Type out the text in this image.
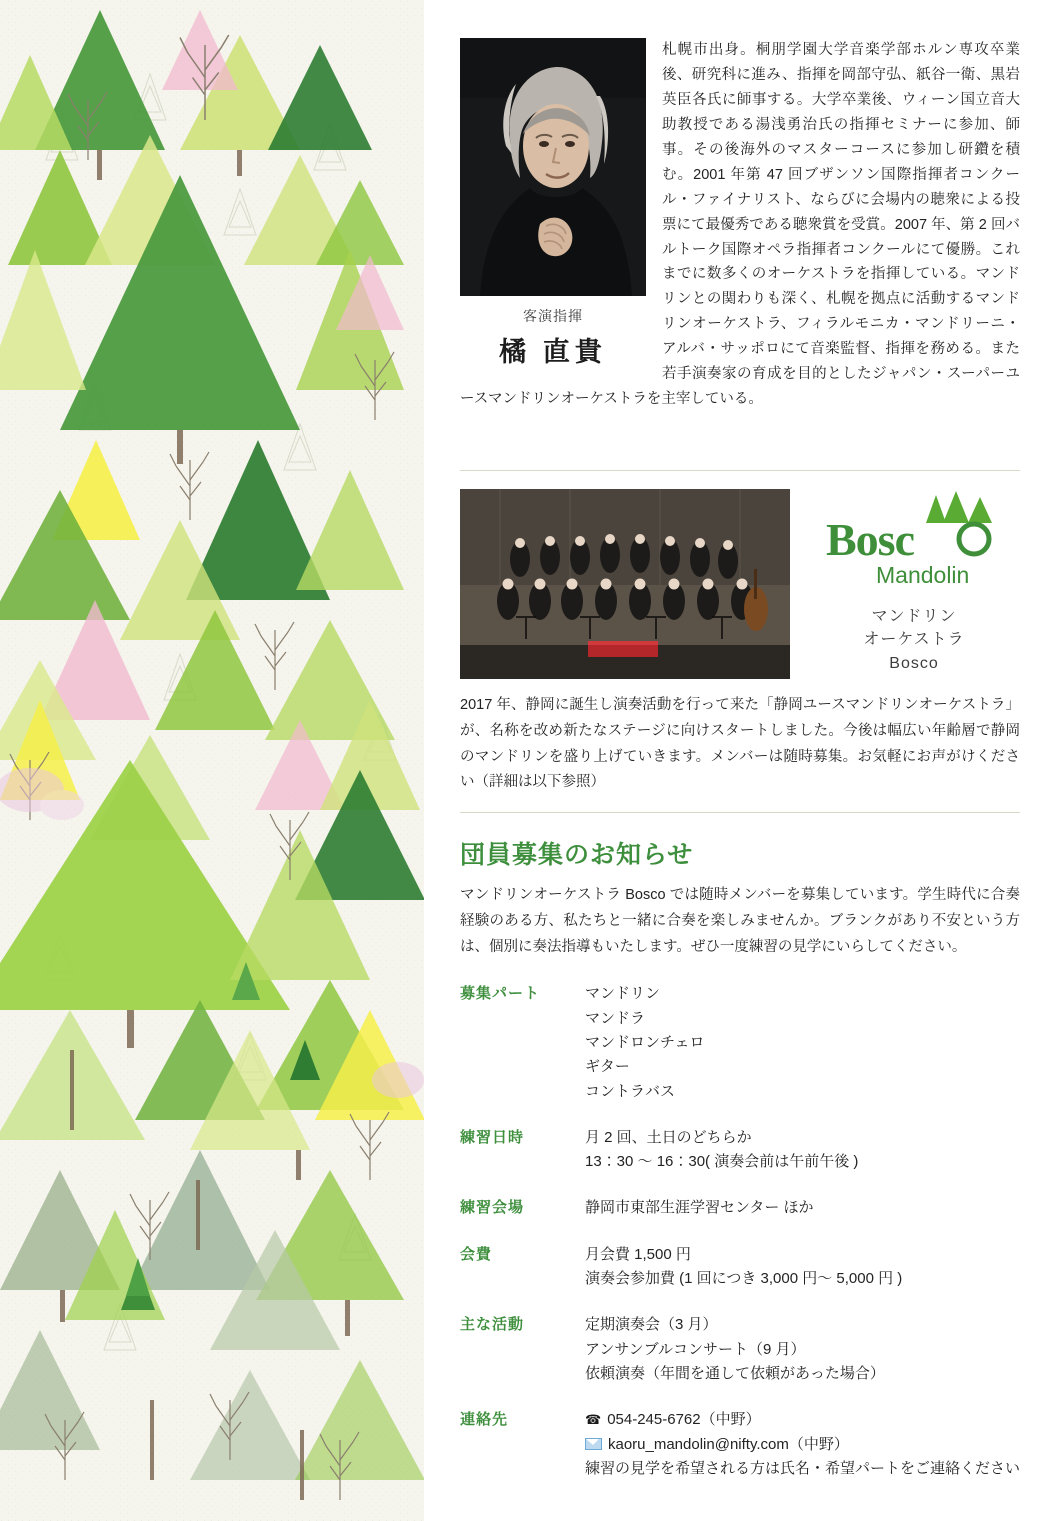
客演指揮
橘 直貴
札幌市出身。桐朋学園大学音楽学部ホルン専攻卒業後、研究科に進み、指揮を岡部守弘、紙谷一衛、黒岩英臣各氏に師事する。大学卒業後、ウィーン国立音大助教授である湯浅勇治氏の指揮セミナーに参加、師事。その後海外のマスターコースに参加し研鑽を積む。2001 年第 47 回ブザンソン国際指揮者コンクール・ファイナリスト、ならびに会場内の聴衆による投票にて最優秀である聴衆賞を受賞。2007 年、第 2 回バルトーク国際オペラ指揮者コンクールにて優勝。これまでに数多くのオーケストラを指揮している。マンドリンとの関わりも深く、札幌を拠点に活動するマンドリンオーケストラ、フィラルモニカ・マンドリーニ・アルバ・サッポロにて音楽監督、指揮を務める。また若手演奏家の育成を目的としたジャパン・スーパーユースマンドリンオーケストラを主宰している。
Bosc
Mandolin
マンドリン
オーケストラ
Bosco
2017 年、静岡に誕生し演奏活動を行って来た「静岡ユースマンドリンオーケストラ」が、名称を改め新たなステージに向けスタートしました。今後は幅広い年齢層で静岡のマンドリンを盛り上げていきます。メンバーは随時募集。お気軽にお声がけください（詳細は以下参照）
団員募集のお知らせ

マンドリンオーケストラ Bosco では随時メンバーを募集しています。学生時代に合奏経験のある方、私たちと一緒に合奏を楽しみませんか。ブランクがあり不安という方は、個別に奏法指導もいたします。ぜひ一度練習の見学にいらしてください。

募集パート	マンドリン
マンドラ
マンドロンチェロ
ギター
コントラバス

練習日時	月 2 回、土日のどちらか
13：30 〜 16：30( 演奏会前は午前午後 )

練習会場	静岡市東部生涯学習センター ほか

会費	月会費 1,500 円
演奏会参加費 (1 回につき 3,000 円〜 5,000 円 )

主な活動	定期演奏会（3 月）
アンサンブルコンサート（9 月）
依頼演奏（年間を通して依頼があった場合）

連絡先	☎ 054-245-6762（中野）
kaoru_mandolin@nifty.com（中野）
練習の見学を希望される方は氏名・希望パートをご連絡ください
